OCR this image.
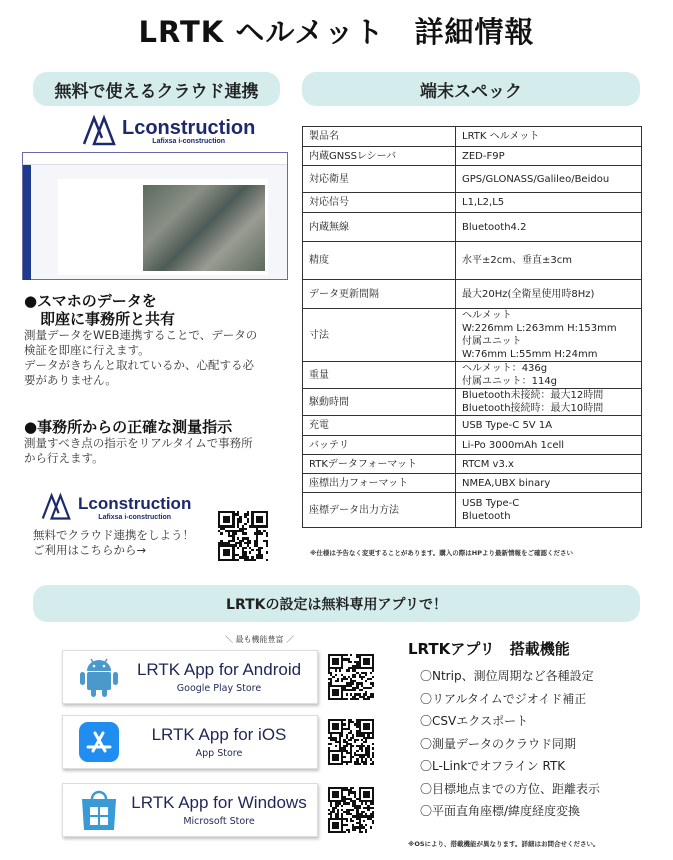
LRTK ヘルメット　詳細情報
無料で使えるクラウド連携	端末スペック
Lconstruction
Lafixsa i-construction
●スマホのデータを
即座に事務所と共有
測量データをWEB連携することで、データの
検証を即座に行えます。
データがきちんと取れているか、心配する必
要がありません。
●事務所からの正確な測量指示
測量すべき点の指示をリアルタイムで事務所
から行えます。
Lconstruction
Lafixsa i-construction
無料でクラウド連携をしよう！
ご利用はこちらから→
製品名	LRTK ヘルメット

内蔵GNSSレシーバ	ZED-F9P

対応衛星	GPS/GLONASS/Galileo/Beidou

対応信号	L1,L2,L5

内蔵無線	Bluetooth4.2

精度	水平±2cm、垂直±3cm

データ更新間隔	最大20Hz(全衛星使用時8Hz)

寸法	ヘルメット
W:226mm L:263mm H:153mm
付属ユニット
W:76mm L:55mm H:24mm

重量	ヘルメット：436g
付属ユニット：114g

駆動時間	Bluetooth未接続：最大12時間
Bluetooth接続時：最大10時間

充電	USB Type-C 5V 1A

バッテリ	Li-Po 3000mAh 1cell

RTKデータフォーマット	RTCM v3.x

座標出力フォーマット	NMEA,UBX binary

座標データ出力方法	USB Type-C
Bluetooth
※仕様は予告なく変更することがあります。購入の際はHPより最新情報をご確認ください
LRTKの設定は無料専用アプリで！
＼ 最も機能豊富 ／
LRTK App for Android
Google Play Store
LRTK App for iOS
App Store
LRTK App for Windows
Microsoft Store
LRTKアプリ　搭載機能
〇Ntrip、測位周期など各種設定
〇リアルタイムでジオイド補正
〇CSVエクスポート
〇測量データのクラウド同期
〇L-Linkでオフライン RTK
〇目標地点までの方位、距離表示
〇平面直角座標/緯度経度変換
※OSにより、搭載機能が異なります。詳細はお問合せください。
